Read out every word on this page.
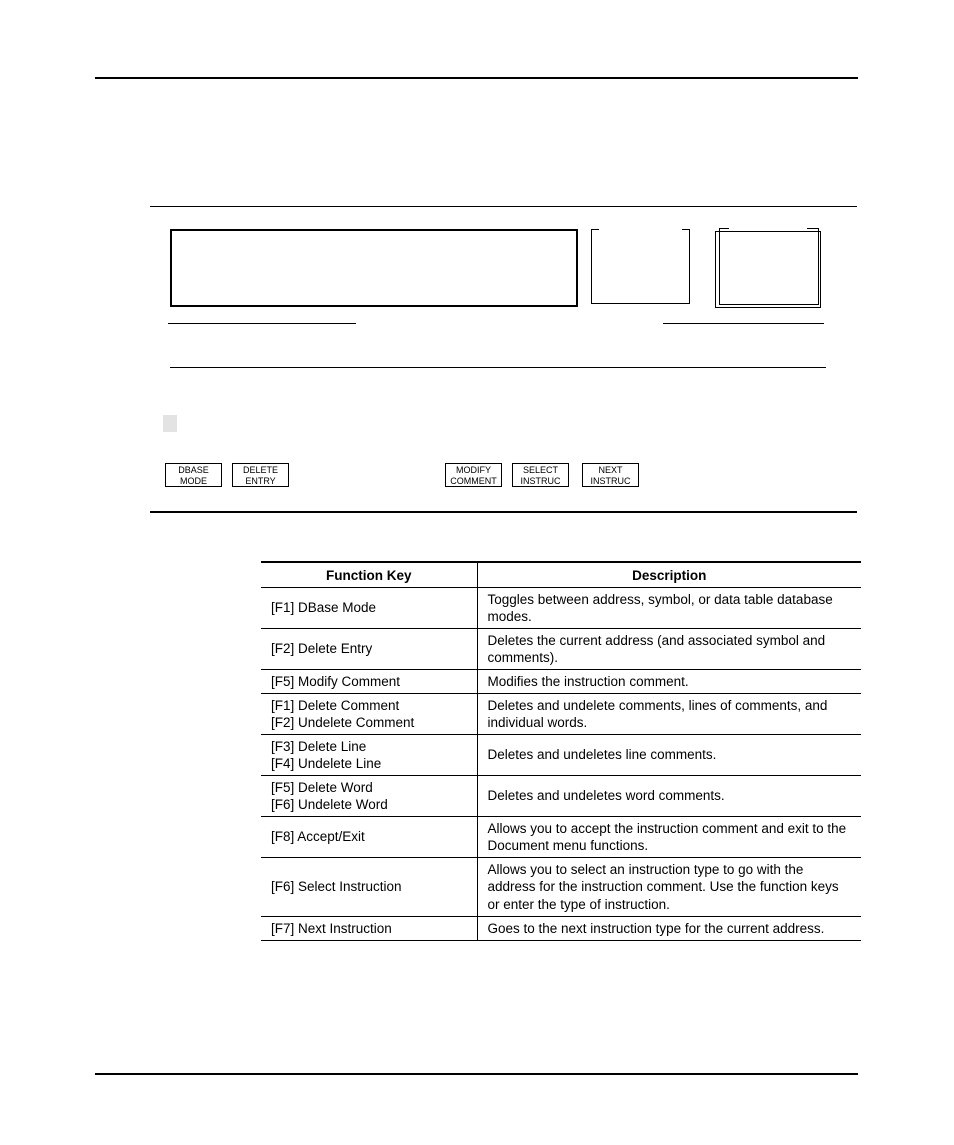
DBASE
MODE
DELETE
ENTRY
MODIFY
COMMENT
SELECT
INSTRUC
NEXT
INSTRUC
Function Key	Description

[F1] DBase Mode	Toggles between address, symbol, or data table database modes.

[F2] Delete Entry	Deletes the current address (and associated symbol and comments).

[F5] Modify Comment	Modifies the instruction comment.

[F1] Delete Comment
[F2] Undelete Comment	Deletes and undelete comments, lines of comments, and individual words.

[F3] Delete Line
[F4] Undelete Line	Deletes and undeletes line comments.

[F5] Delete Word
[F6] Undelete Word	Deletes and undeletes word comments.

[F8] Accept/Exit	Allows you to accept the instruction comment and exit to the Document menu functions.

[F6] Select Instruction	Allows you to select an instruction type to go with the address for the instruction comment. Use the function keys or enter the type of instruction.

[F7] Next Instruction	Goes to the next instruction type for the current address.
